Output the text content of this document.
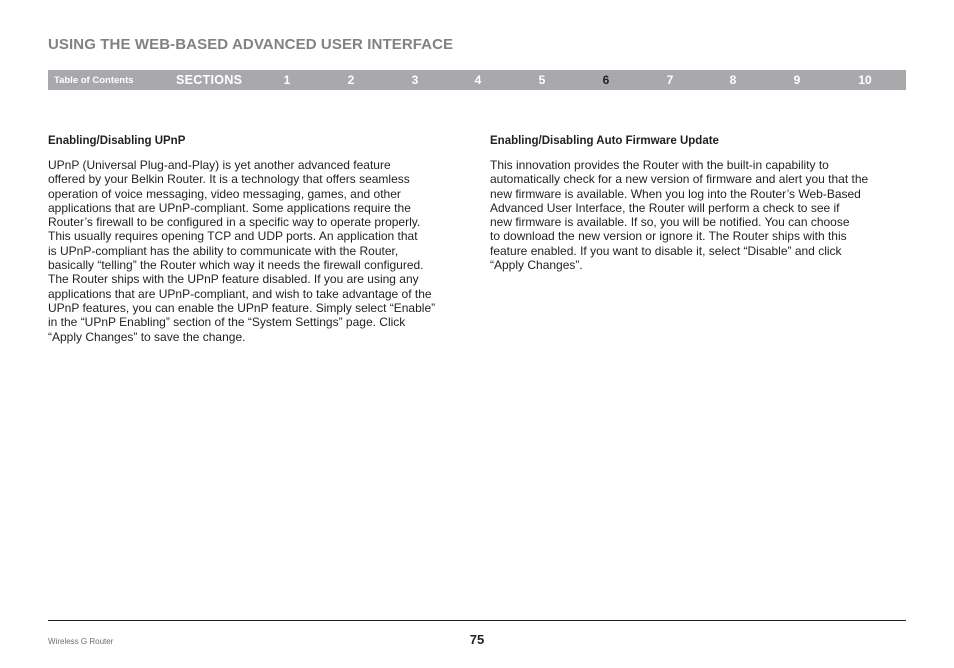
USING THE WEB-BASED ADVANCED USER INTERFACE
Table of Contents	SECTIONS	1	2	3	4	5	6	7	8	9	10
Enabling/Disabling UPnP

UPnP (Universal Plug-and-Play) is yet another advanced feature
offered by your Belkin Router. It is a technology that offers seamless
operation of voice messaging, video messaging, games, and other
applications that are UPnP-compliant. Some applications require the
Router’s firewall to be configured in a specific way to operate properly.
This usually requires opening TCP and UDP ports. An application that
is UPnP-compliant has the ability to communicate with the Router,
basically “telling” the Router which way it needs the firewall configured.
The Router ships with the UPnP feature disabled. If you are using any
applications that are UPnP-compliant, and wish to take advantage of the
UPnP features, you can enable the UPnP feature. Simply select “Enable”
in the “UPnP Enabling” section of the “System Settings” page. Click
“Apply Changes” to save the change.

Enabling/Disabling Auto Firmware Update

This innovation provides the Router with the built-in capability to
automatically check for a new version of firmware and alert you that the
new firmware is available. When you log into the Router’s Web-Based
Advanced User Interface, the Router will perform a check to see if
new firmware is available. If so, you will be notified. You can choose
to download the new version or ignore it. The Router ships with this
feature enabled. If you want to disable it, select “Disable” and click
“Apply Changes”.

Wireless G Router	75
